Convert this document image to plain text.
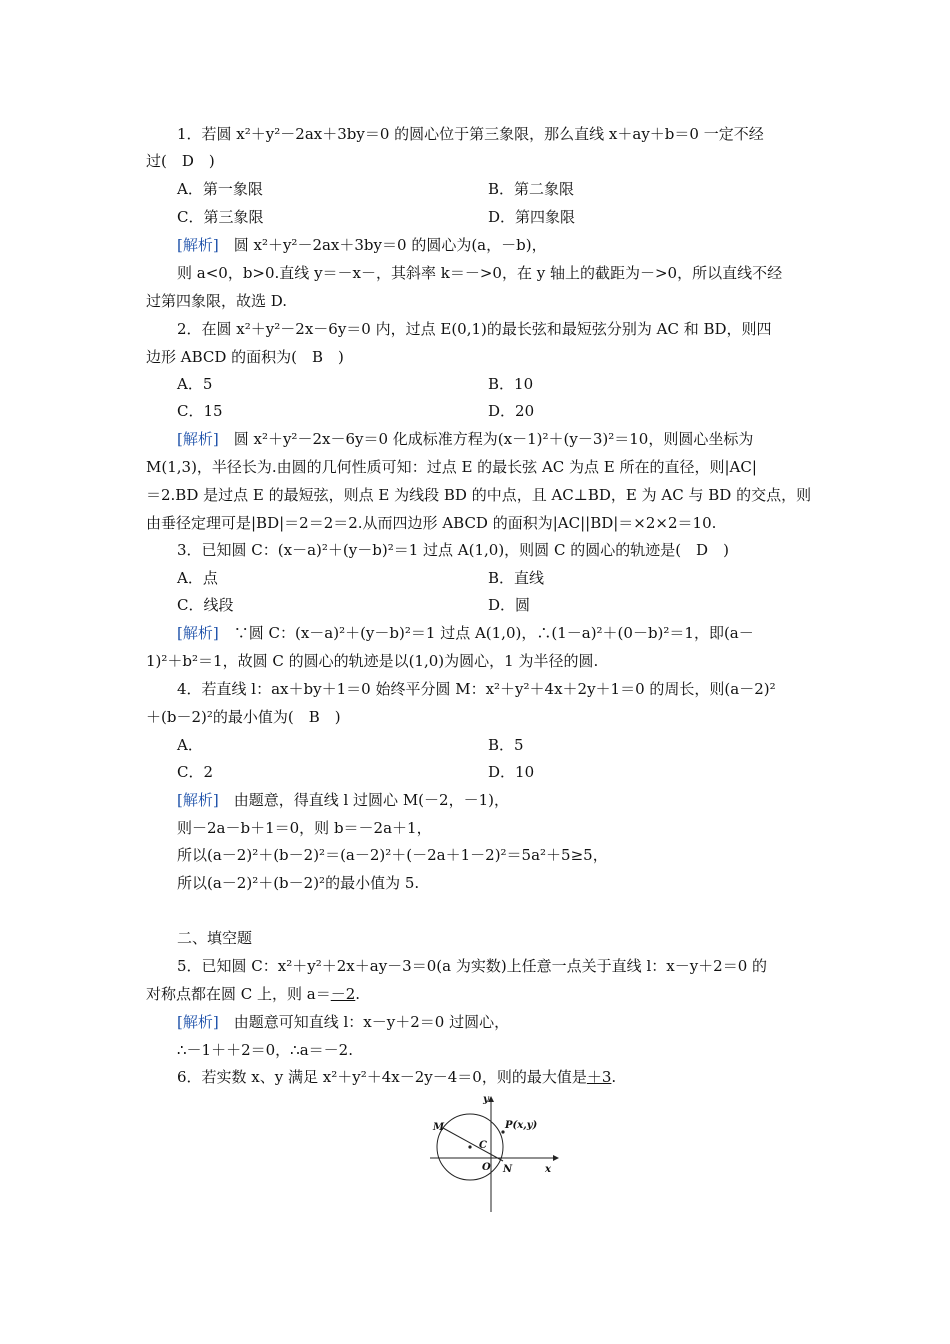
1．若圆 x²＋y²－2ax＋3by＝0 的圆心位于第三象限，那么直线 x＋ay＋b＝0 一定不经
过(　D　)
A．第一象限	B．第二象限
C．第三象限	D．第四象限
[解析]　圆 x²＋y²－2ax＋3by＝0 的圆心为(a，－b)，
则 a<0，b>0.直线 y＝－x－，其斜率 k＝－>0，在 y 轴上的截距为－>0，所以直线不经
过第四象限，故选 D.
2．在圆 x²＋y²－2x－6y＝0 内，过点 E(0,1)的最长弦和最短弦分别为 AC 和 BD，则四
边形 ABCD 的面积为(　B　)
A．5	B．10
C．15	D．20
[解析]　圆 x²＋y²－2x－6y＝0 化成标准方程为(x－1)²＋(y－3)²＝10，则圆心坐标为
M(1,3)，半径长为.由圆的几何性质可知：过点 E 的最长弦 AC 为点 E 所在的直径，则|AC|
＝2.BD 是过点 E 的最短弦，则点 E 为线段 BD 的中点，且 AC⊥BD，E 为 AC 与 BD 的交点，则
由垂径定理可是|BD|＝2＝2＝2.从而四边形 ABCD 的面积为|AC||BD|＝×2×2＝10.
3．已知圆 C：(x－a)²＋(y－b)²＝1 过点 A(1,0)，则圆 C 的圆心的轨迹是(　D　)
A．点	B．直线
C．线段	D．圆
[解析]　∵圆 C：(x－a)²＋(y－b)²＝1 过点 A(1,0)，∴(1－a)²＋(0－b)²＝1，即(a－
1)²＋b²＝1，故圆 C 的圆心的轨迹是以(1,0)为圆心，1 为半径的圆.
4．若直线 l：ax＋by＋1＝0 始终平分圆 M：x²＋y²＋4x＋2y＋1＝0 的周长，则(a－2)²
＋(b－2)²的最小值为(　B　)
A．	B．5
C．2	D．10
[解析]　由题意，得直线 l 过圆心 M(－2，－1)，
则－2a－b＋1＝0，则 b＝－2a＋1，
所以(a－2)²＋(b－2)²＝(a－2)²＋(－2a＋1－2)²＝5a²＋5≥5，
所以(a－2)²＋(b－2)²的最小值为 5.
二、填空题
5．已知圆 C：x²＋y²＋2x＋ay－3＝0(a 为实数)上任意一点关于直线 l：x－y＋2＝0 的
对称点都在圆 C 上，则 a＝－2.
[解析]　由题意可知直线 l：x－y＋2＝0 过圆心，
∴－1＋＋2＝0，∴a＝－2.
6．若实数 x、y 满足 x²＋y²＋4x－2y－4＝0，则的最大值是＋3.
y
x
M
C
P(x,y)
O N
